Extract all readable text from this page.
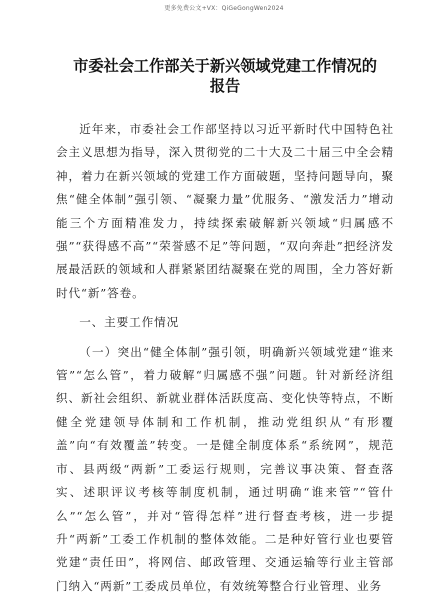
更多免费公文+VX：QiGeGongWen2024
市委社会工作部关于新兴领域党建工作情况的
报告

近年来，市委社会工作部坚持以习近平新时代中国特色社会主义思想为指导，深入贯彻党的二十大及二十届三中全会精神，着力在新兴领域的党建工作方面破题，坚持问题导向，聚焦“健全体制”强引领、“凝聚力量”优服务、“激发活力”增动能三个方面精准发力，持续探索破解新兴领域“归属感不强”“获得感不高”“荣誉感不足”等问题，“双向奔赴”把经济发展最活跃的领域和人群紧紧团结凝聚在党的周围，全力答好新时代“新”答卷。

一、主要工作情况

（一）突出“健全体制”强引领，明确新兴领域党建“谁来管”“怎么管”，着力破解“归属感不强”问题。针对新经济组织、新社会组织、新就业群体活跃度高、变化快等特点，不断健全党建领导体制和工作机制，推动党组织从“有形覆盖”向“有效覆盖”转变。一是健全制度体系“系统网”，规范市、县两级“两新”工委运行规则，完善议事决策、督查落实、述职评议考核等制度机制，通过明确“谁来管”“管什么”“怎么管”，并对“管得怎样”进行督查考核，进一步提升“两新”工委工作机制的整体效能。二是种好管行业也要管党建“责任田”，将网信、邮政管理、交通运输等行业主管部门纳入“两新”工委成员单位，有效统筹整合行业管理、业务
